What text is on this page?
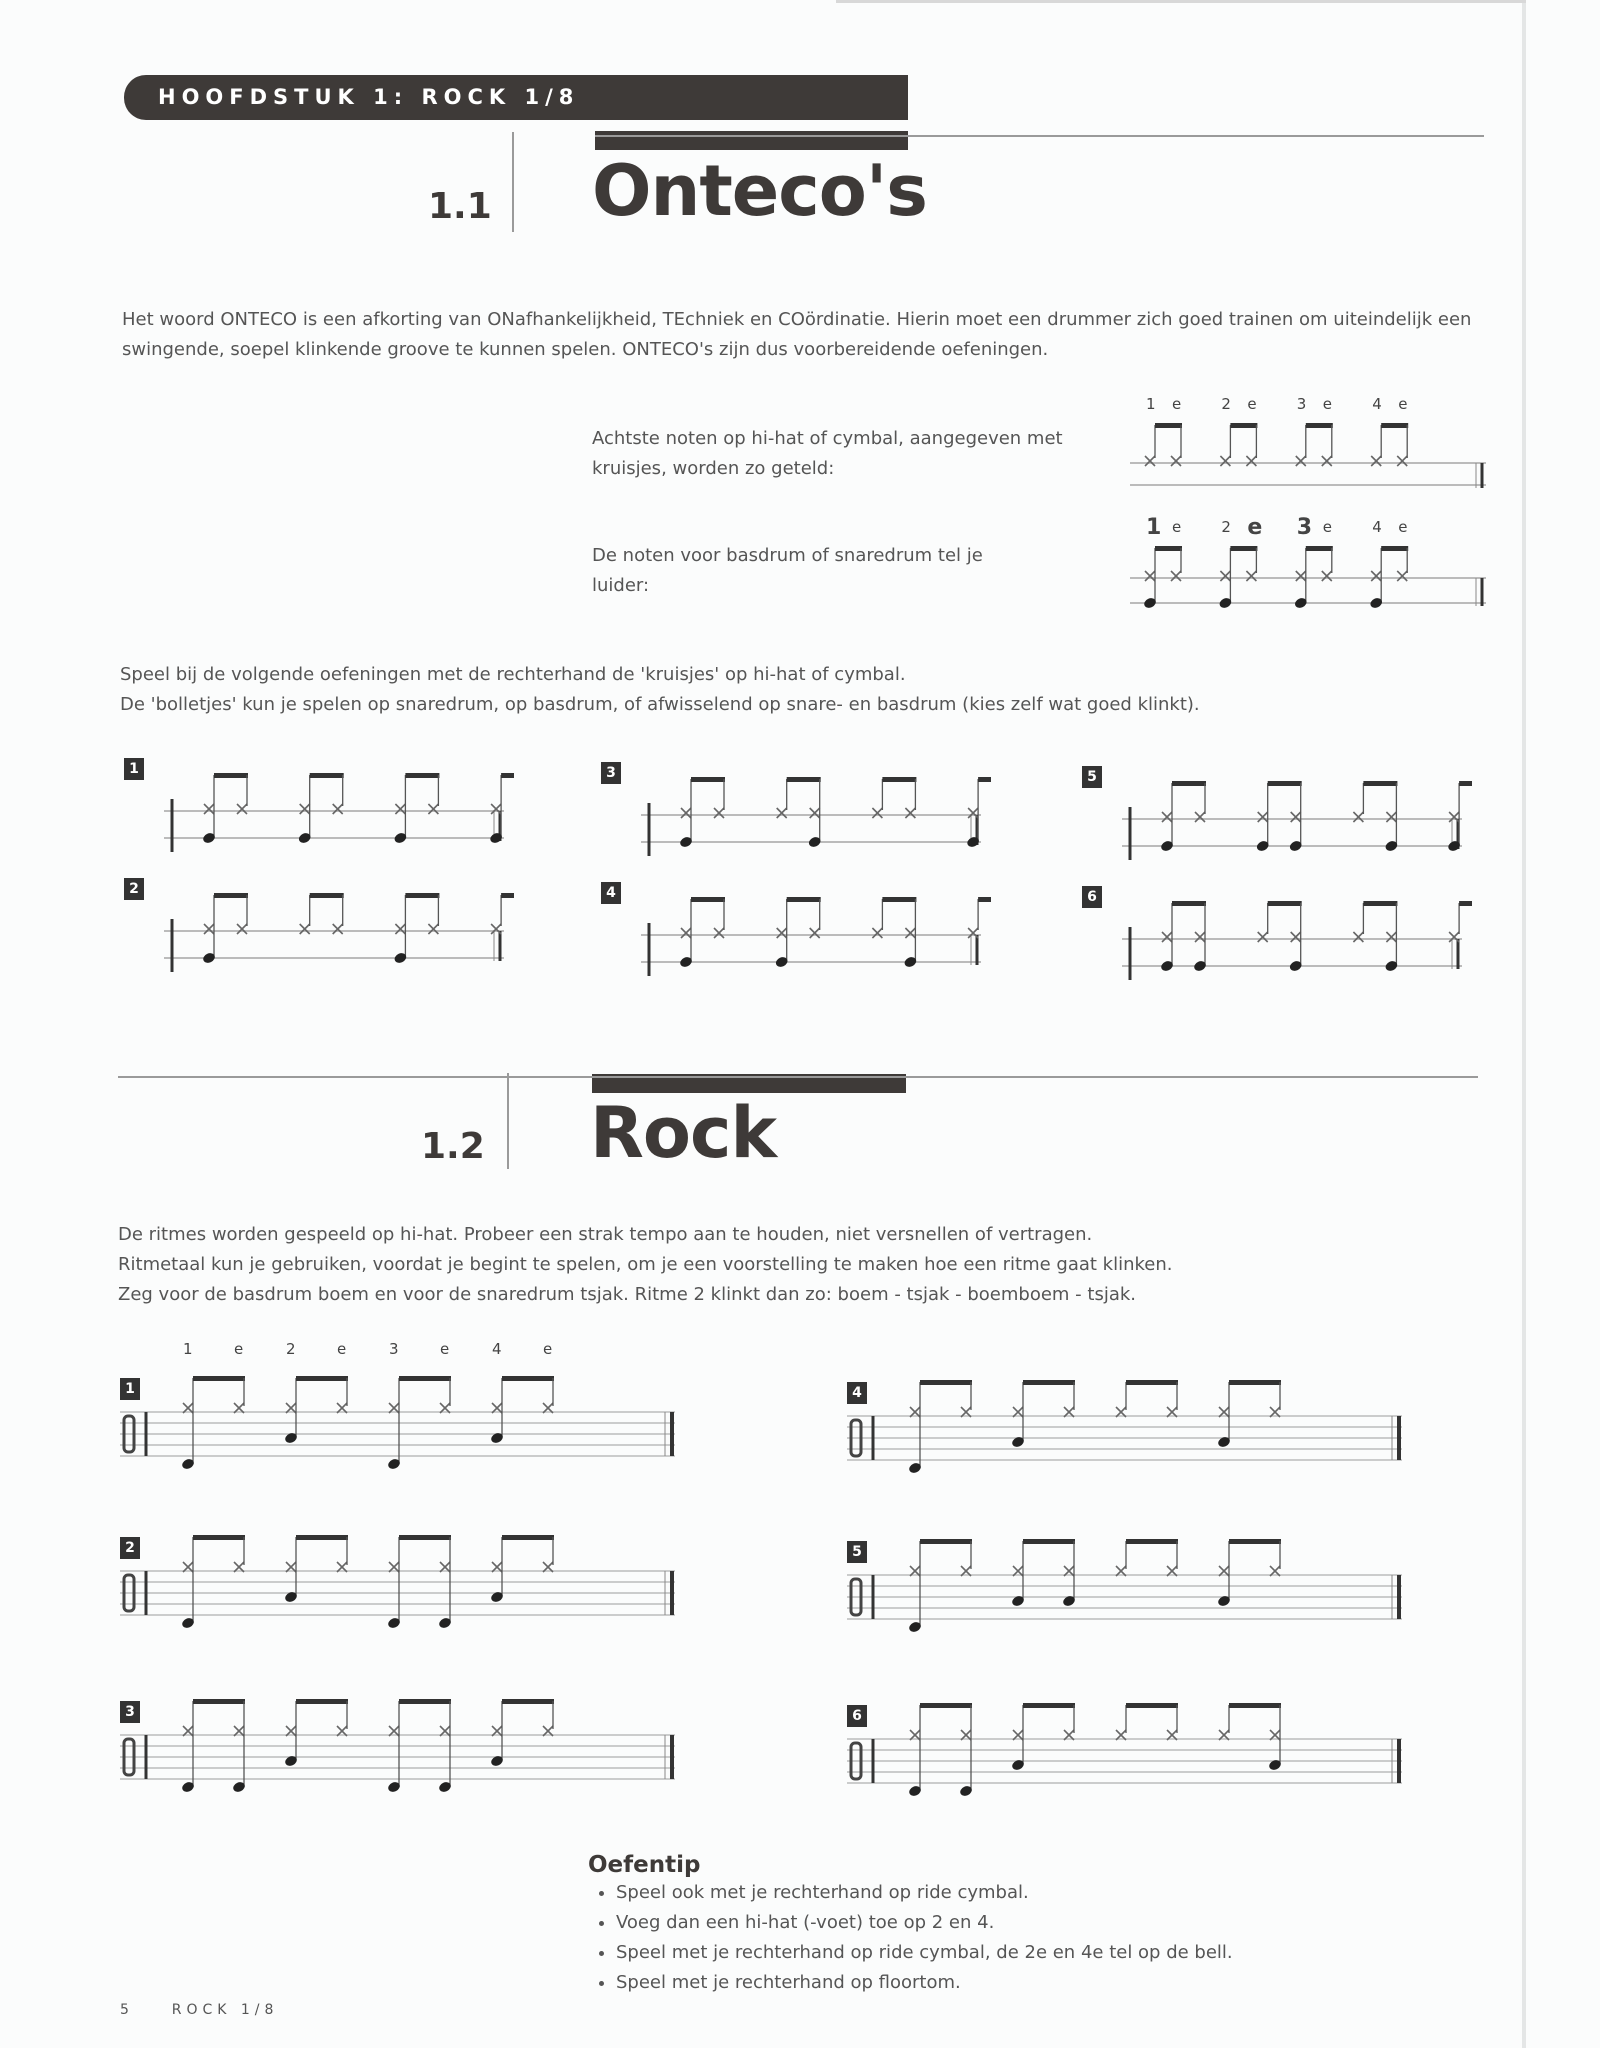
HOOFDSTUK 1: ROCK 1/8
1.1 Onteco's
Het woord ONTECO is een afkorting van ONafhankelijkheid, TEchniek en COördinatie. Hierin moet een drummer zich goed trainen om uiteindelijk een swingende, soepel klinkende groove te kunnen spelen. ONTECO's zijn dus voorbereidende oefeningen.
Achtste noten op hi-hat of cymbal, aangegeven met kruisjes, worden zo geteld:
1 e	2 e	3 e	4 e
De noten voor basdrum of snaredrum tel je luider:
1 e	2 e 3 e	4 e
Speel bij de volgende oefeningen met de rechterhand de 'kruisjes' op hi-hat of cymbal.
De 'bolletjes' kun je spelen op snaredrum, op basdrum, of afwisselend op snare- en basdrum (kies zelf wat goed klinkt).
1
2
3
4
5
6
1.2 Rock
De ritmes worden gespeeld op hi-hat. Probeer een strak tempo aan te houden, niet versnellen of vertragen.
Ritmetaal kun je gebruiken, voordat je begint te spelen, om je een voorstelling te maken hoe een ritme gaat klinken.
Zeg voor de basdrum boem en voor de snaredrum tsjak. Ritme 2 klinkt dan zo: boem - tsjak - boemboem - tsjak.
1
1	e	2	e	3	e	4	e
2
3
4
5
6
Oefentip
• Speel ook met je rechterhand op ride cymbal.
• Voeg dan een hi-hat (-voet) toe op 2 en 4.
• Speel met je rechterhand op ride cymbal, de 2e en 4e tel op de bell.
• Speel met je rechterhand op floortom.
5	ROCK 1/8
